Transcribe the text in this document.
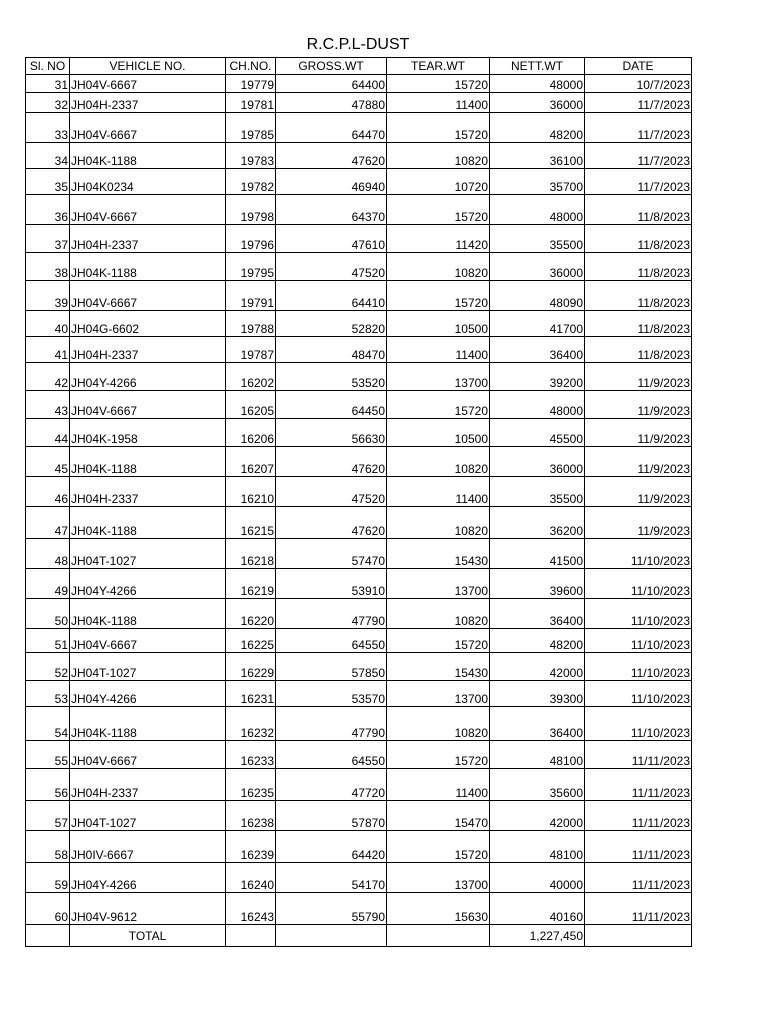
R.C.P.L-DUST
Sl. NO	VEHICLE NO.	CH.NO.	GROSS.WT	TEAR.WT	NETT.WT	DATE
31	JH04V-6667	19779	64400	15720	48000	10/7/2023
32	JH04H-2337	19781	47880	11400	36000	11/7/2023
33	JH04V-6667	19785	64470	15720	48200	11/7/2023
34	JH04K-1188	19783	47620	10820	36100	11/7/2023
35	JH04K0234	19782	46940	10720	35700	11/7/2023
36	JH04V-6667	19798	64370	15720	48000	11/8/2023
37	JH04H-2337	19796	47610	11420	35500	11/8/2023
38	JH04K-1188	19795	47520	10820	36000	11/8/2023
39	JH04V-6667	19791	64410	15720	48090	11/8/2023
40	JH04G-6602	19788	52820	10500	41700	11/8/2023
41	JH04H-2337	19787	48470	11400	36400	11/8/2023
42	JH04Y-4266	16202	53520	13700	39200	11/9/2023
43	JH04V-6667	16205	64450	15720	48000	11/9/2023
44	JH04K-1958	16206	56630	10500	45500	11/9/2023
45	JH04K-1188	16207	47620	10820	36000	11/9/2023
46	JH04H-2337	16210	47520	11400	35500	11/9/2023
47	JH04K-1188	16215	47620	10820	36200	11/9/2023
48	JH04T-1027	16218	57470	15430	41500	11/10/2023
49	JH04Y-4266	16219	53910	13700	39600	11/10/2023
50	JH04K-1188	16220	47790	10820	36400	11/10/2023
51	JH04V-6667	16225	64550	15720	48200	11/10/2023
52	JH04T-1027	16229	57850	15430	42000	11/10/2023
53	JH04Y-4266	16231	53570	13700	39300	11/10/2023
54	JH04K-1188	16232	47790	10820	36400	11/10/2023
55	JH04V-6667	16233	64550	15720	48100	11/11/2023
56	JH04H-2337	16235	47720	11400	35600	11/11/2023
57	JH04T-1027	16238	57870	15470	42000	11/11/2023
58	JH0IV-6667	16239	64420	15720	48100	11/11/2023
59	JH04Y-4266	16240	54170	13700	40000	11/11/2023
60	JH04V-9612	16243	55790	15630	40160	11/11/2023
	TOTAL				1,227,450	
